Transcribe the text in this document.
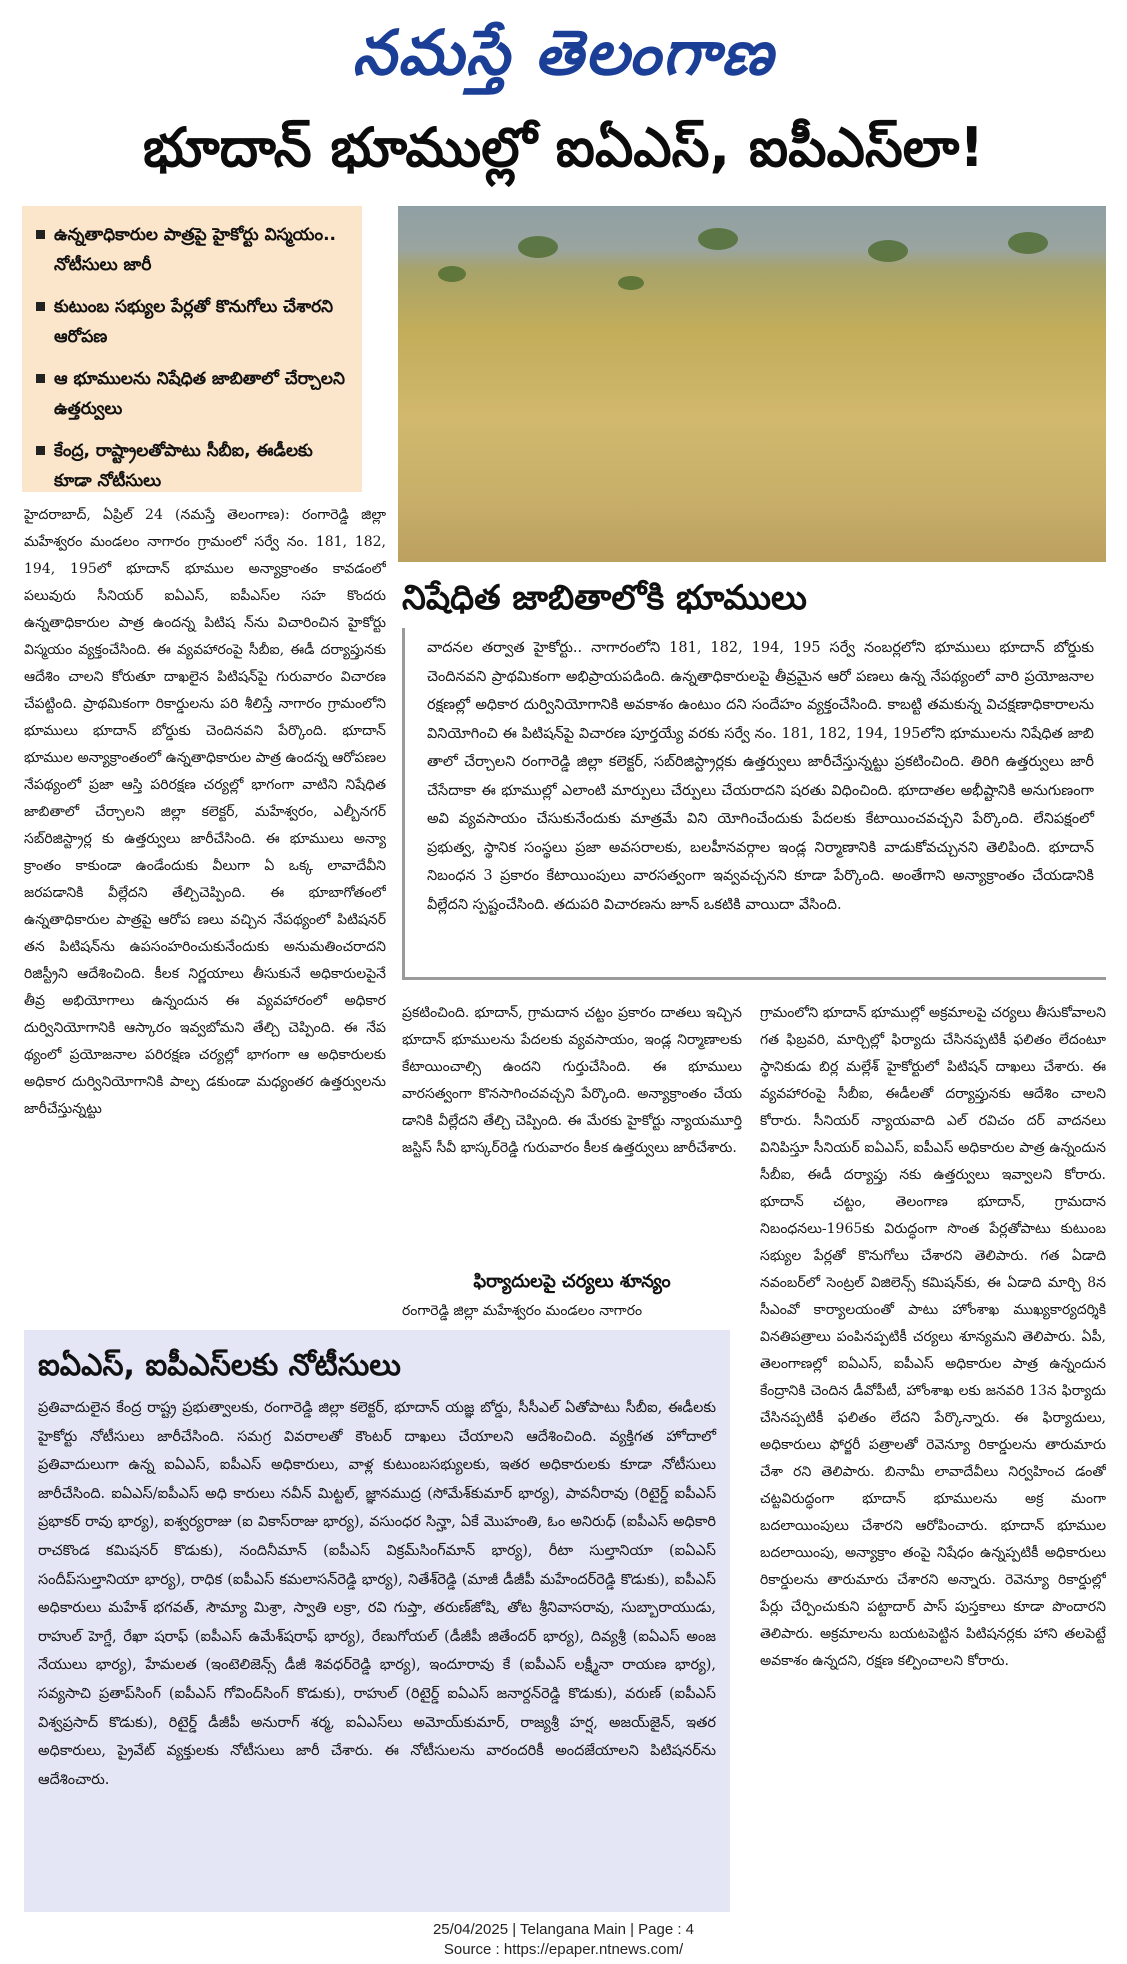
నమస్తే తెలంగాణ
భూదాన్ భూముల్లో ఐఏఎస్, ఐపీఎస్‌లా!
ఉన్నతాధికారుల పాత్రపై హైకోర్టు విస్మయం.. నోటీసులు జారీ
కుటుంబ సభ్యుల పేర్లతో కొనుగోలు చేశారని ఆరోపణ
ఆ భూములను నిషేధిత జాబితాలో చేర్చాలని ఉత్తర్వులు
కేంద్ర, రాష్ట్రాలతోపాటు సీబీఐ, ఈడీలకు కూడా నోటీసులు
హైదరాబాద్, ఏప్రిల్ 24 (నమస్తే తెలంగాణ): రంగారెడ్డి జిల్లా మహేశ్వరం మండలం నాగారం గ్రామంలో సర్వే నం. 181, 182, 194, 195లో భూదాన్ భూముల అన్యాక్రాంతం కావడంలో పలువురు సీనియర్ ఐఏఎస్, ఐపీఎస్‌ల సహ కొందరు ఉన్నతాధికారుల పాత్ర ఉందన్న పిటిష న్‌ను విచారించిన హైకోర్టు విస్మయం వ్యక్తంచేసింది. ఈ వ్యవహారంపై సీబీఐ, ఈడీ దర్యాప్తునకు ఆదేశిం చాలని కోరుతూ దాఖలైన పిటిషన్‌పై గురువారం విచారణ చేపట్టింది. ప్రాథమికంగా రికార్డులను పరి శీలిస్తే నాగారం గ్రామంలోని భూములు భూదాన్ బోర్డుకు చెందినవని పేర్కొంది. భూదాన్ భూముల అన్యాక్రాంతంలో ఉన్నతాధికారుల పాత్ర ఉందన్న ఆరోపణల నేపథ్యంలో ప్రజా ఆస్తి పరిరక్షణ చర్యల్లో భాగంగా వాటిని నిషేధిత జాబితాలో చేర్చాలని జిల్లా కలెక్టర్, మహేశ్వరం, ఎల్బీనగర్ సబ్‌రిజిస్ట్రార్ల కు ఉత్తర్వులు జారీచేసింది. ఈ భూములు అన్యా క్రాంతం కాకుండా ఉండేందుకు వీలుగా ఏ ఒక్క లావాదేవీని జరపడానికి వీల్లేదని తేల్చిచెప్పింది. ఈ భూబాగోతంలో ఉన్నతాధికారుల పాత్రపై ఆరోప ణలు వచ్చిన నేపథ్యంలో పిటిషనర్ తన పిటిషన్‌ను ఉపసంహరించుకునేందుకు అనుమతించరాదని రిజిస్ట్రీని ఆదేశించింది. కీలక నిర్ణయాలు తీసుకునే అధికారులపైనే తీవ్ర అభియోగాలు ఉన్నందున ఈ వ్యవహారంలో అధికార దుర్వినియోగానికి ఆస్కారం ఇవ్వబోమని తేల్చి చెప్పింది. ఈ నేప థ్యంలో ప్రయోజనాల పరిరక్షణ చర్యల్లో భాగంగా ఆ అధికారులకు అధికార దుర్వినియోగానికి పాల్ప డకుండా మధ్యంతర ఉత్తర్వులను జారీచేస్తున్నట్టు
నిషేధిత జాబితాలోకి భూములు
వాదనల తర్వాత హైకోర్టు.. నాగారంలోని 181, 182, 194, 195 సర్వే నంబర్లలోని భూములు భూదాన్ బోర్డుకు చెందినవని ప్రాథమికంగా అభిప్రాయపడింది. ఉన్నతాధికారులపై తీవ్రమైన ఆరో పణలు ఉన్న నేపథ్యంలో వారి ప్రయోజనాల రక్షణల్లో అధికార దుర్వినియోగానికి అవకాశం ఉంటుం దని సందేహం వ్యక్తంచేసింది. కాబట్టి తమకున్న విచక్షణాధికారాలను వినియోగించి ఈ పిటిషన్‌పై విచారణ పూర్తయ్యే వరకు సర్వే నం. 181, 182, 194, 195లోని భూములను నిషేధిత జాబి తాలో చేర్చాలని రంగారెడ్డి జిల్లా కలెక్టర్, సబ్‌రిజిస్ట్రార్లకు ఉత్తర్వులు జారీచేస్తున్నట్టు ప్రకటించింది. తిరిగి ఉత్తర్వులు జారీ చేసేదాకా ఈ భూముల్లో ఎలాంటి మార్పులు చేర్పులు చేయరాదని షరతు విధించింది. భూదాతల అభీష్టానికి అనుగుణంగా అవి వ్యవసాయం చేసుకునేందుకు మాత్రమే విని యోగించేందుకు పేదలకు కేటాయించవచ్చని పేర్కొంది. లేనిపక్షంలో ప్రభుత్వ, స్థానిక సంస్థలు ప్రజా అవసరాలకు, బలహీనవర్గాల ఇండ్ల నిర్మాణానికి వాడుకోవచ్చునని తెలిపింది. భూదాన్ నిబంధన 3 ప్రకారం కేటాయింపులు వారసత్వంగా ఇవ్వవచ్చనని కూడా పేర్కొంది. అంతేగాని అన్యాక్రాంతం చేయడానికి వీల్లేదని స్పష్టంచేసింది. తదుపరి విచారణను జూన్ ఒకటికి వాయిదా వేసింది.
ప్రకటించింది. భూదాన్, గ్రామదాన చట్టం ప్రకారం దాతలు ఇచ్చిన భూదాన్ భూములను పేదలకు వ్యవసాయం, ఇండ్ల నిర్మాణాలకు కేటాయించాల్సి ఉందని గుర్తుచేసింది. ఈ భూములు వారసత్వంగా కొనసాగించవచ్చని పేర్కొంది. అన్యాక్రాంతం చేయ డానికి వీల్లేదని తేల్చి చెప్పింది. ఈ మేరకు హైకోర్టు న్యాయమూర్తి జస్టిస్ సీవీ భాస్కర్‌రెడ్డి గురువారం కీలక ఉత్తర్వులు జారీచేశారు.
ఫిర్యాదులపై చర్యలు శూన్యం
రంగారెడ్డి జిల్లా మహేశ్వరం మండలం నాగారం
గ్రామంలోని భూదాన్ భూముల్లో అక్రమాలపై చర్యలు తీసుకోవాలని గత ఫిబ్రవరి, మార్చిల్లో ఫిర్యాదు చేసినప్పటికీ ఫలితం లేదంటూ స్థానికుడు బిర్ల మల్లేశ్ హైకోర్టులో పిటిషన్ దాఖలు చేశారు. ఈ వ్యవహారంపై సీబీఐ, ఈడీలతో దర్యాప్తునకు ఆదేశిం చాలని కోరారు. సీనియర్ న్యాయవాది ఎల్ రవిచం దర్ వాదనలు వినిపిస్తూ సీనియర్ ఐఏఎస్, ఐపీఎస్ అధికారుల పాత్ర ఉన్నందున సీబీఐ, ఈడీ దర్యాప్తు నకు ఉత్తర్వులు ఇవ్వాలని కోరారు. భూదాన్ చట్టం, తెలంగాణ భూదాన్, గ్రామదాన నిబంధనలు-1965కు విరుద్ధంగా సొంత పేర్లతోపాటు కుటుంబ సభ్యుల పేర్లతో కొనుగోలు చేశారని తెలిపారు. గత ఏడాది నవంబర్‌లో సెంట్రల్ విజిలెన్స్ కమిషన్‌కు, ఈ ఏడాది మార్చి 8న సీఎంవో కార్యాలయంతో పాటు హోంశాఖ ముఖ్యకార్యదర్శికి వినతిపత్రాలు పంపినప్పటికీ చర్యలు శూన్యమని తెలిపారు. ఏపీ, తెలంగాణల్లో ఐఏఎస్, ఐపీఎస్ అధికారుల పాత్ర ఉన్నందున కేంద్రానికి చెందిన డీవోపీటీ, హోంశాఖ లకు జనవరి 13న ఫిర్యాదు చేసినప్పటికీ ఫలితం లేదని పేర్కొన్నారు. ఈ ఫిర్యాదులు, అధికారులు ఫోర్జరీ పత్రాలతో రెవెన్యూ రికార్డులను తారుమారు చేశా రని తెలిపారు. బినామీ లావాదేవీలు నిర్వహించ డంతో చట్టవిరుద్ధంగా భూదాన్ భూములను అక్ర మంగా బదలాయింపులు చేశారని ఆరోపించారు. భూదాన్ భూముల బదలాయింపు, అన్యాక్రాం తంపై నిషేధం ఉన్నప్పటికీ అధికారులు రికార్డులను తారుమారు చేశారని అన్నారు. రెవెన్యూ రికార్డుల్లో పేర్లు చేర్పించుకుని పట్టాదార్ పాస్ పుస్తకాలు కూడా పొందారని తెలిపారు. అక్రమాలను బయటపెట్టిన పిటిషనర్లకు హాని తలపెట్టే అవకాశం ఉన్నదని, రక్షణ కల్పించాలని కోరారు.
ఐఏఎస్, ఐపీఎస్‌లకు నోటీసులు
ప్రతివాదులైన కేంద్ర రాష్ట్ర ప్రభుత్వాలకు, రంగారెడ్డి జిల్లా కలెక్టర్, భూదాన్ యజ్ఞ బోర్డు, సీసీఎల్ ఏతోపాటు సీబీఐ, ఈడీలకు హైకోర్టు నోటీసులు జారీచేసింది. సమగ్ర వివరాలతో కౌంటర్ దాఖలు చేయాలని ఆదేశించింది. వ్యక్తిగత హోదాలో ప్రతివాదులుగా ఉన్న ఐఏఎస్, ఐపీఎస్ అధికారులు, వాళ్ల కుటుంబసభ్యులకు, ఇతర అధికారులకు కూడా నోటీసులు జారీచేసింది. ఐఏఎస్/ఐపీఎస్ అధి కారులు నవీన్ మిట్టల్, జ్ఞానముద్ర (సోమేశ్‌కుమార్ భార్య), పావనీరావు (రిటైర్డ్ ఐపీఎస్ ప్రభాకర్ రావు భార్య), ఐశ్వర్యరాజు (ఐ వికాస్‌రాజు భార్య), వసుంధర సిన్హా, ఏకే మొహంతి, ఓం అనిరుధ్ (ఐపీఎస్ అధికారి రాచకొండ కమిషనర్ కొడుకు), నందినీమాన్ (ఐపీఎస్ విక్రమ్‌సింగ్‌మాన్ భార్య), రీటా సుల్తానియా (ఐఏఎస్ సందీప్‌సుల్తానియా భార్య), రాధిక (ఐపీఎస్ కమలాసన్‌రెడ్డి భార్య), నితేశ్‌రెడ్డి (మాజీ డీజీపీ మహేందర్‌రెడ్డి కొడుకు), ఐపీఎస్ అధికారులు మహేశ్ భగవత్, సౌమ్యా మిశ్రా, స్వాతి లక్రా, రవి గుప్తా, తరుణ్‌జోషి, తోట శ్రీనివాసరావు, సుబ్బారాయుడు, రాహుల్ హెగ్డే, రేఖా షరాఫ్ (ఐపీఎస్ ఉమేశ్‌షరాఫ్ భార్య), రేణుగోయల్ (డీజీపీ జితేందర్ భార్య), దివ్యశ్రీ (ఐఏఎస్ అంజ నేయులు భార్య), హేమలత (ఇంటెలిజెన్స్ డీజీ శివధర్‌రెడ్డి భార్య), ఇందూరావు కే (ఐపీఎస్ లక్ష్మీనా రాయణ భార్య), సవ్యసాచి ప్రతాప్‌సింగ్ (ఐపీఎస్ గోవింద్‌సింగ్ కొడుకు), రాహుల్ (రిటైర్డ్ ఐఏఎస్ జనార్దన్‌రెడ్డి కొడుకు), వరుణ్ (ఐపీఎస్ విశ్వప్రసాద్ కొడుకు), రిటైర్డ్ డీజీపీ అనురాగ్ శర్మ, ఐఏఎస్‌లు అమోయ్‌కుమార్, రాజ్యశ్రీ హర్ష, అజయ్‌జైన్, ఇతర అధికారులు, ప్రైవేట్ వ్యక్తులకు నోటీసులు జారీ చేశారు. ఈ నోటీసులను వారందరికీ అందజేయాలని పిటిషనర్‌ను ఆదేశించారు.
25/04/2025 | Telangana Main | Page : 4
Source : https://epaper.ntnews.com/
